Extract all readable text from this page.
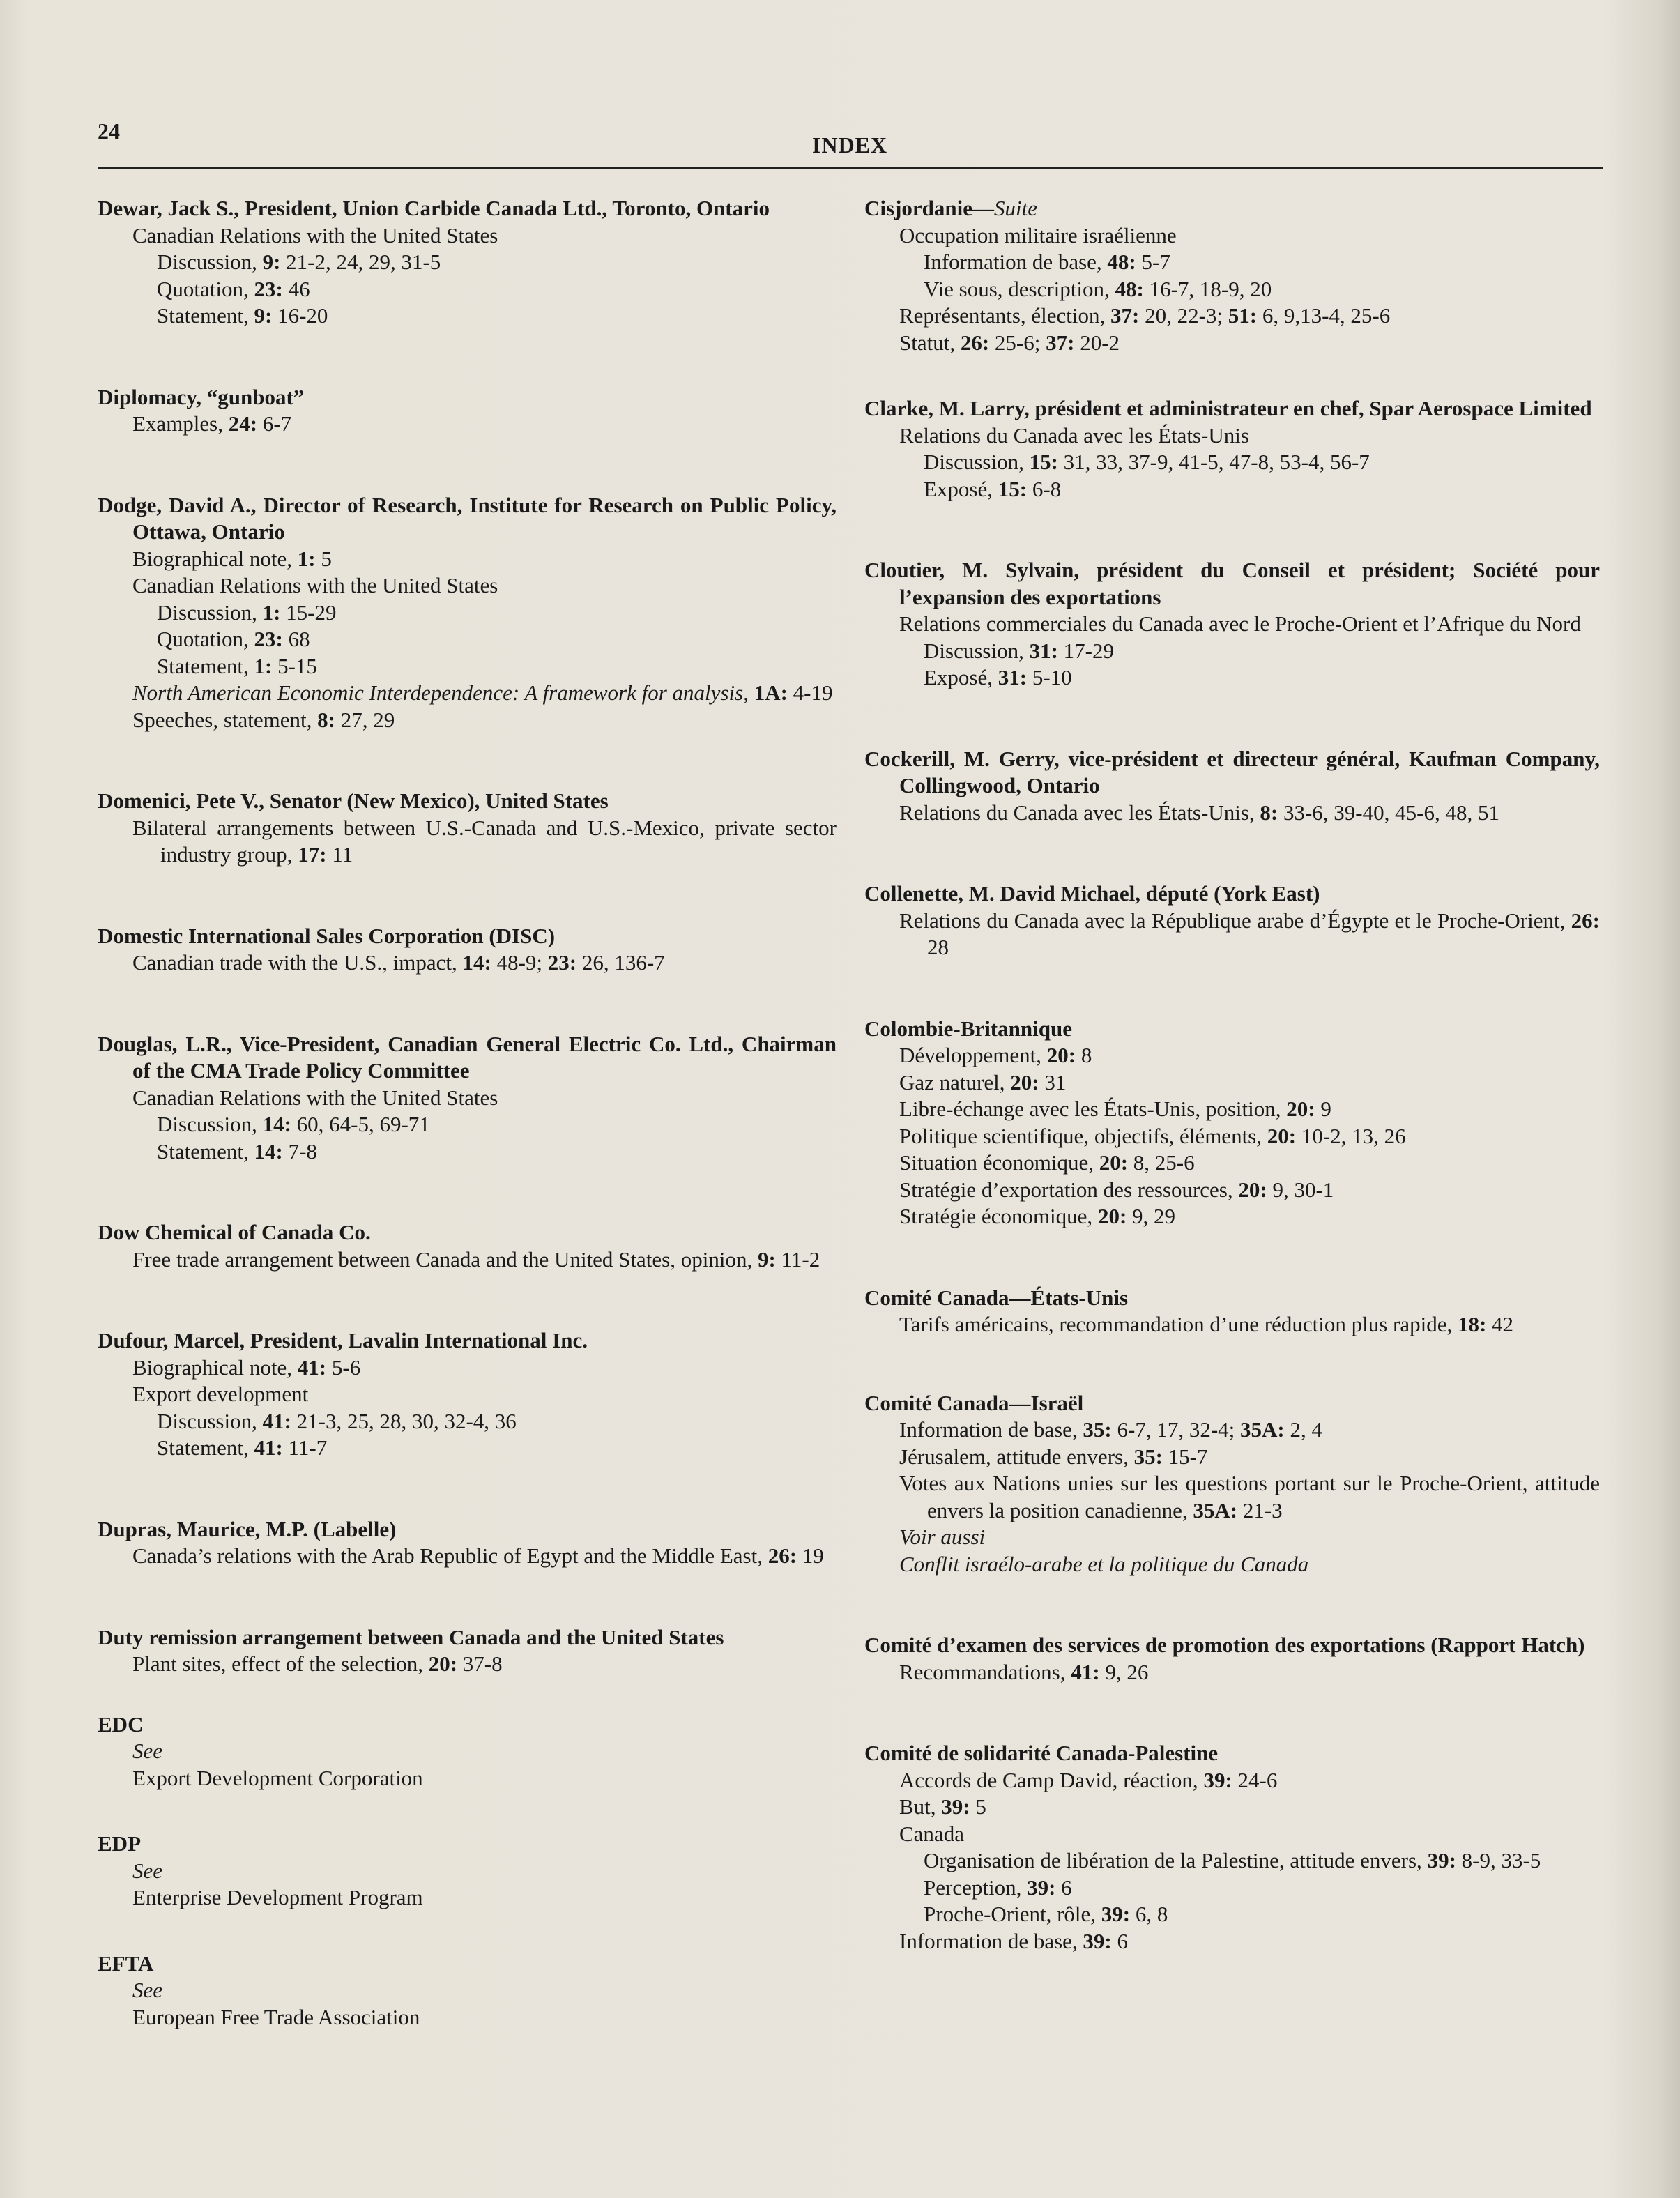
24
INDEX
Dewar, Jack S., President, Union Carbide Canada Ltd., Toronto, Ontario
Canadian Relations with the United States
Discussion, 9: 21-2, 24, 29, 31-5
Quotation, 23: 46
Statement, 9: 16-20
Diplomacy, “gunboat”
Examples, 24: 6-7
Dodge, David A., Director of Research, Institute for Research on Public Policy, Ottawa, Ontario
Biographical note, 1: 5
Canadian Relations with the United States
Discussion, 1: 15-29
Quotation, 23: 68
Statement, 1: 5-15
North American Economic Interdependence: A framework for analysis, 1A: 4-19
Speeches, statement, 8: 27, 29
Domenici, Pete V., Senator (New Mexico), United States
Bilateral arrangements between U.S.-Canada and U.S.-Mexico, private sector industry group, 17: 11
Domestic International Sales Corporation (DISC)
Canadian trade with the U.S., impact, 14: 48-9; 23: 26, 136-7
Douglas, L.R., Vice-President, Canadian General Electric Co. Ltd., Chairman of the CMA Trade Policy Committee
Canadian Relations with the United States
Discussion, 14: 60, 64-5, 69-71
Statement, 14: 7-8
Dow Chemical of Canada Co.
Free trade arrangement between Canada and the United States, opinion, 9: 11-2
Dufour, Marcel, President, Lavalin International Inc.
Biographical note, 41: 5-6
Export development
Discussion, 41: 21-3, 25, 28, 30, 32-4, 36
Statement, 41: 11-7
Dupras, Maurice, M.P. (Labelle)
Canada’s relations with the Arab Republic of Egypt and the Middle East, 26: 19
Duty remission arrangement between Canada and the United States
Plant sites, effect of the selection, 20: 37-8
EDC
See
Export Development Corporation
EDP
See
Enterprise Development Program
EFTA
See
European Free Trade Association
Cisjordanie—Suite
Occupation militaire israélienne
Information de base, 48: 5-7
Vie sous, description, 48: 16-7, 18-9, 20
Représentants, élection, 37: 20, 22-3; 51: 6, 9,13-4, 25-6
Statut, 26: 25-6; 37: 20-2
Clarke, M. Larry, président et administrateur en chef, Spar Aerospace Limited
Relations du Canada avec les États-Unis
Discussion, 15: 31, 33, 37-9, 41-5, 47-8, 53-4, 56-7
Exposé, 15: 6-8
Cloutier, M. Sylvain, président du Conseil et président; Société pour l’expansion des exportations
Relations commerciales du Canada avec le Proche-Orient et l’Afrique du Nord
Discussion, 31: 17-29
Exposé, 31: 5-10
Cockerill, M. Gerry, vice-président et directeur général, Kaufman Company, Collingwood, Ontario
Relations du Canada avec les États-Unis, 8: 33-6, 39-40, 45-6, 48, 51
Collenette, M. David Michael, député (York East)
Relations du Canada avec la République arabe d’Égypte et le Proche-Orient, 26: 28
Colombie-Britannique
Développement, 20: 8
Gaz naturel, 20: 31
Libre-échange avec les États-Unis, position, 20: 9
Politique scientifique, objectifs, éléments, 20: 10-2, 13, 26
Situation économique, 20: 8, 25-6
Stratégie d’exportation des ressources, 20: 9, 30-1
Stratégie économique, 20: 9, 29
Comité Canada—États-Unis
Tarifs américains, recommandation d’une réduction plus rapide, 18: 42
Comité Canada—Israël
Information de base, 35: 6-7, 17, 32-4; 35A: 2, 4
Jérusalem, attitude envers, 35: 15-7
Votes aux Nations unies sur les questions portant sur le Proche-Orient, attitude envers la position canadienne, 35A: 21-3
Voir aussi
Conflit israélo-arabe et la politique du Canada
Comité d’examen des services de promotion des exportations (Rapport Hatch)
Recommandations, 41: 9, 26
Comité de solidarité Canada-Palestine
Accords de Camp David, réaction, 39: 24-6
But, 39: 5
Canada
Organisation de libération de la Palestine, attitude envers, 39: 8-9, 33-5
Perception, 39: 6
Proche-Orient, rôle, 39: 6, 8
Information de base, 39: 6
